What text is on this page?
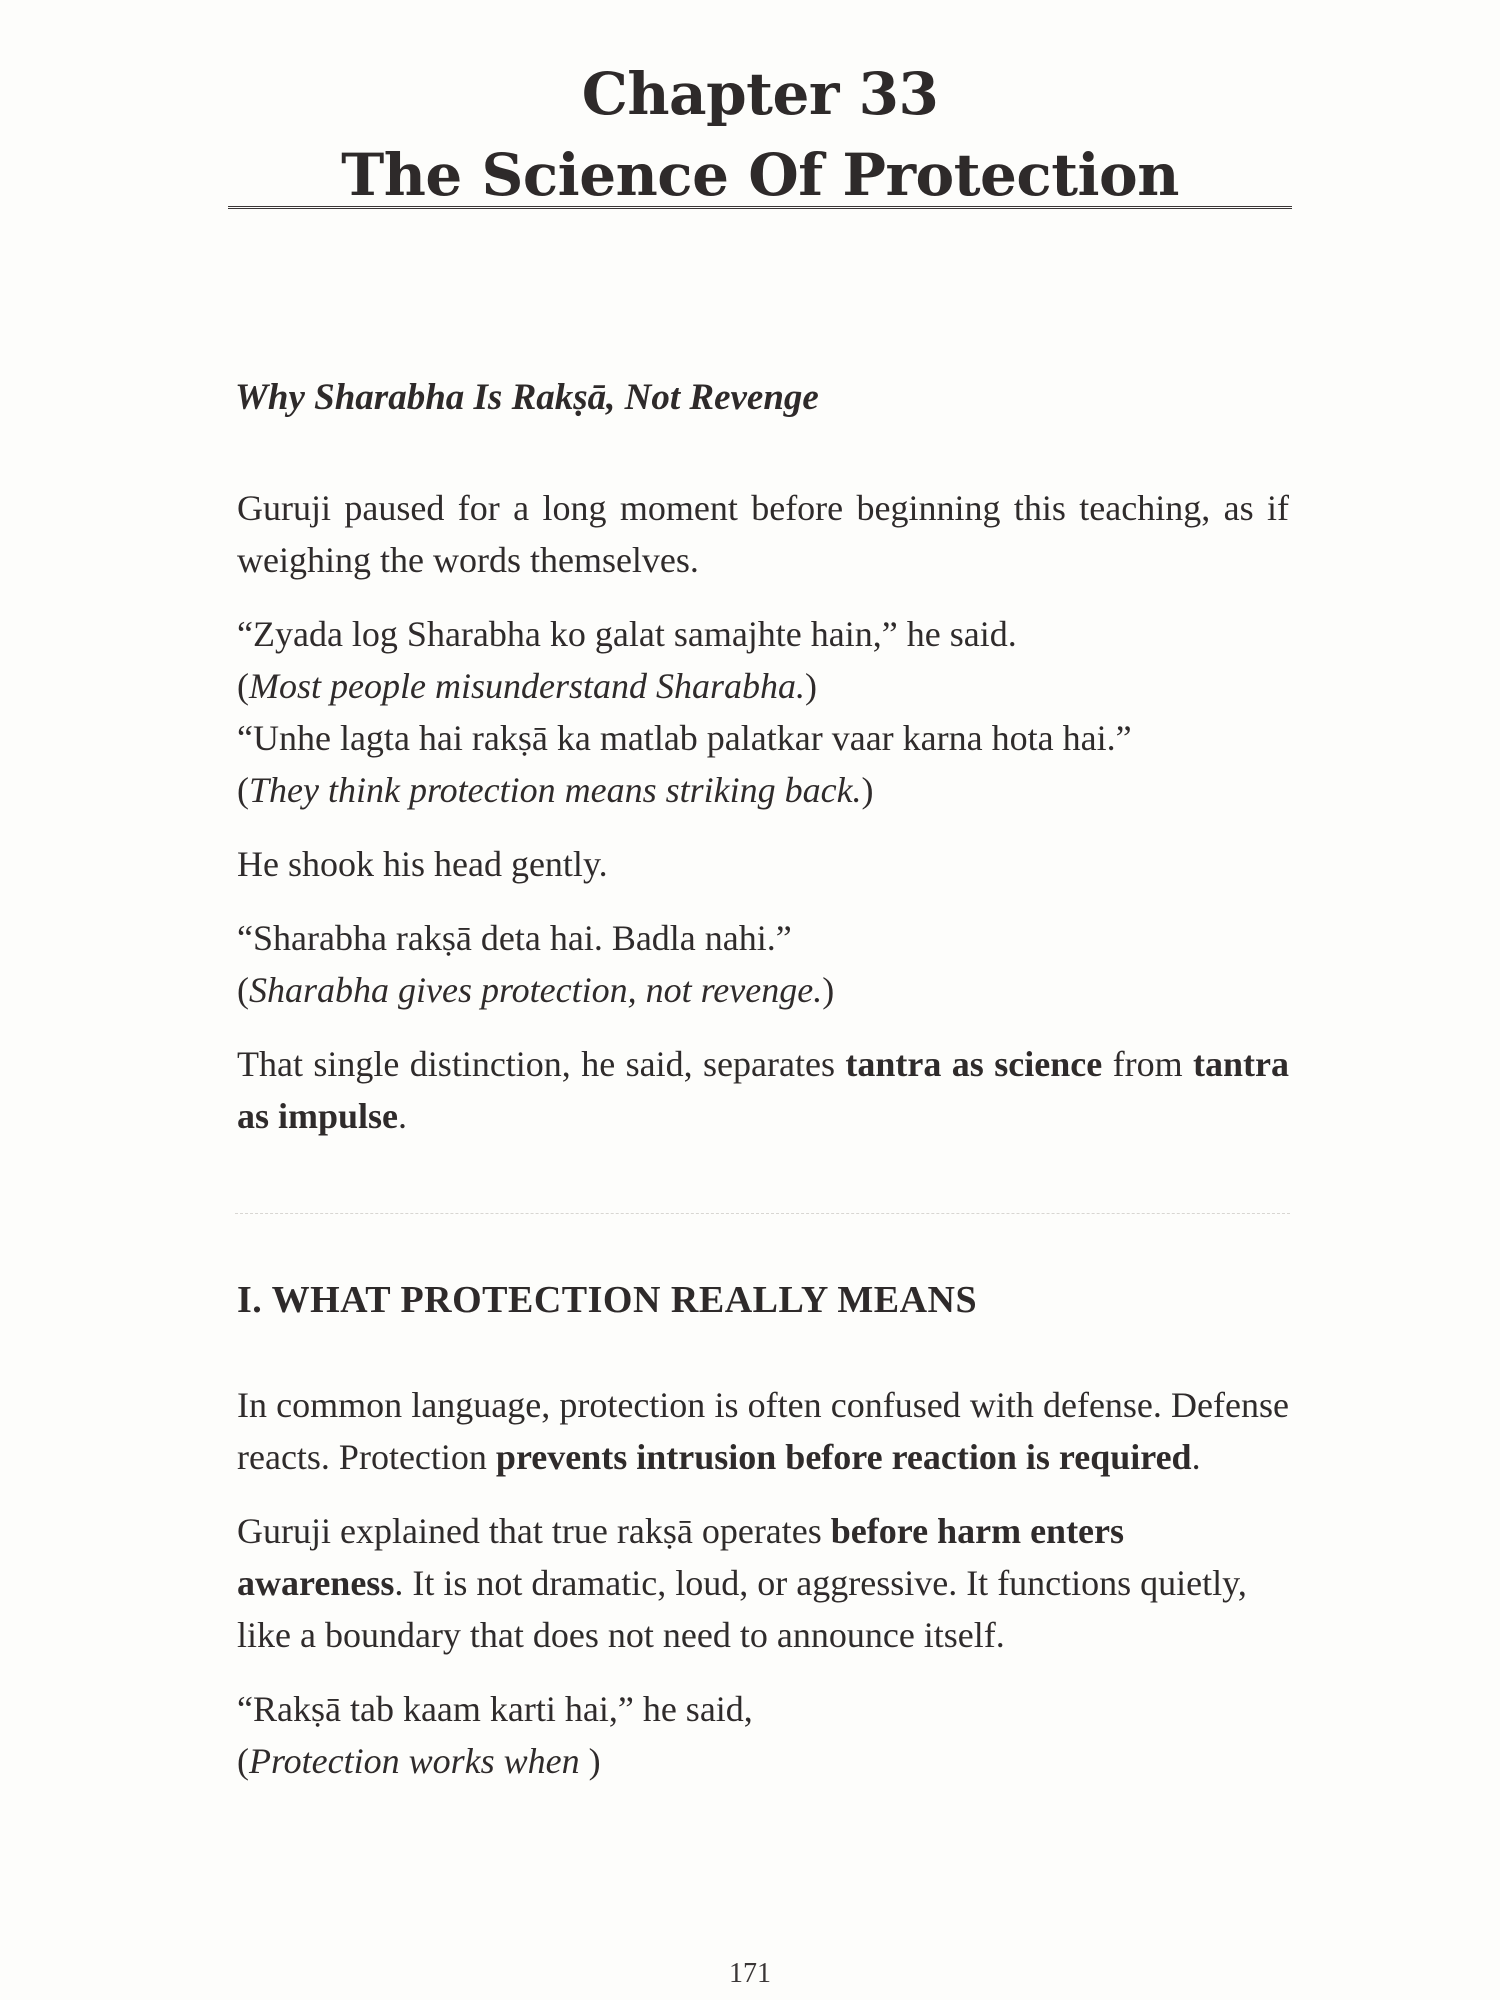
Chapter 33
The Science Of Protection
Why Sharabha Is Rakṣā, Not Revenge

Guruji paused for a long moment before beginning this teaching, as if weighing the words themselves.

“Zyada log Sharabha ko galat samajhte hain,” he said.

(Most people misunderstand Sharabha.)

“Unhe lagta hai rakṣā ka matlab palatkar vaar karna hota hai.”

(They think protection means striking back.)

He shook his head gently.

“Sharabha rakṣā deta hai. Badla nahi.”

(Sharabha gives protection, not revenge.)

That single distinction, he said, separates tantra as science from tantra as impulse.

I. WHAT PROTECTION REALLY MEANS

In common language, protection is often confused with defense. Defense reacts. Protection prevents intrusion before reaction is required.

Guruji explained that true rakṣā operates before harm enters awareness. It is not dramatic, loud, or aggressive. It functions quietly, like a boundary that does not need to announce itself.

“Rakṣā tab kaam karti hai,” he said,

(Protection works when )

171
